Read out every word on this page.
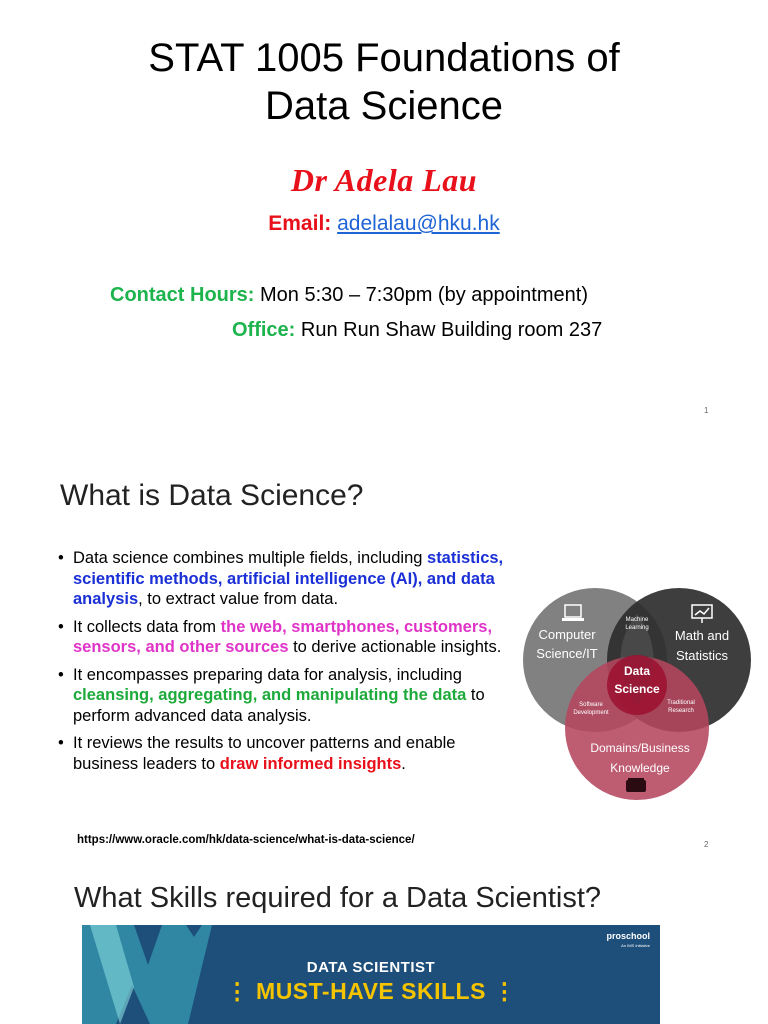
STAT 1005 Foundations of
Data Science
Dr Adela Lau
Email: adelalau@hku.hk
Contact Hours: Mon 5:30 – 7:30pm (by appointment)
Office: Run Run Shaw Building room 237
1
What is Data Science?
• Data science combines multiple fields, including statistics, scientific methods, artificial intelligence (AI), and data analysis, to extract value from data.
• It collects data from the web, smartphones, customers, sensors, and other sources to derive actionable insights.
• It encompasses preparing data for analysis, including cleansing, aggregating, and manipulating the data to perform advanced data analysis.
• It reviews the results to uncover patterns and enable business leaders to draw informed insights.
Computer
Science/IT
Math and
Statistics
Domains/Business
Knowledge
Machine
Learning
Software
Development
Traditional
Research
Data
Science
https://www.oracle.com/hk/data-science/what-is-data-science/	2
What Skills required for a Data Scientist?
proschool
An IMS Initiative
DATA SCIENTIST
⋮ MUST-HAVE SKILLS ⋮
